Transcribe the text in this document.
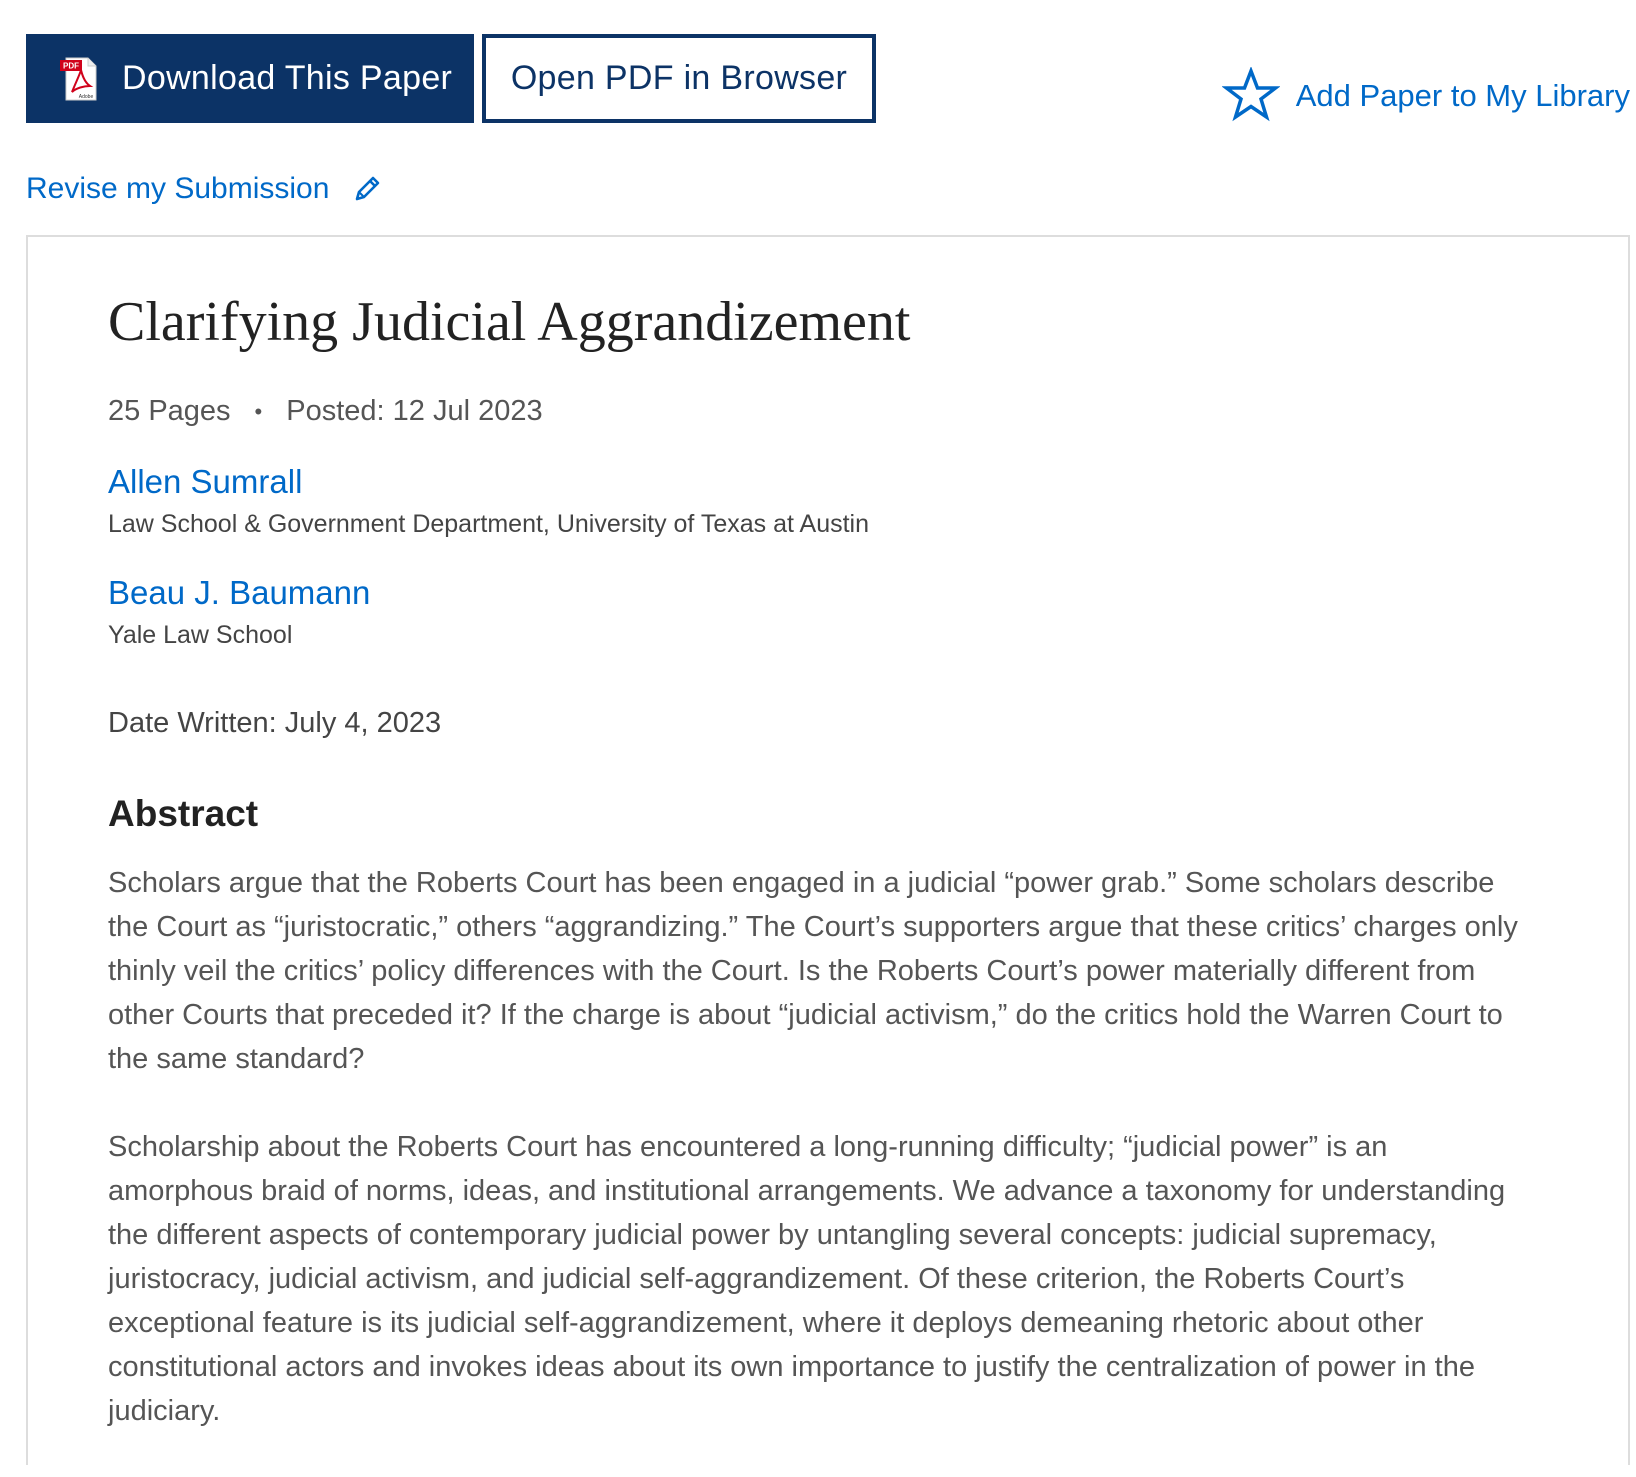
PDF
Adobe Download This Paper Open PDF in Browser	Add Paper to My Library
Revise my Submission
Clarifying Judicial Aggrandizement
25 Pages • Posted: 12 Jul 2023
Allen Sumrall
Law School & Government Department, University of Texas at Austin
Beau J. Baumann
Yale Law School
Date Written: July 4, 2023
Abstract

Scholars argue that the Roberts Court has been engaged in a judicial “power grab.” Some scholars describe the Court as “juristocratic,” others “aggrandizing.” The Court’s supporters argue that these critics’ charges only thinly veil the critics’ policy differences with the Court. Is the Roberts Court’s power materially different from other Courts that preceded it? If the charge is about “judicial activism,” do the critics hold the Warren Court to the same standard?

Scholarship about the Roberts Court has encountered a long-running difficulty; “judicial power” is an amorphous braid of norms, ideas, and institutional arrangements. We advance a taxonomy for understanding the different aspects of contemporary judicial power by untangling several concepts: judicial supremacy, juristocracy, judicial activism, and judicial self-aggrandizement. Of these criterion, the Roberts Court’s exceptional feature is its judicial self-aggrandizement, where it deploys demeaning rhetoric about other constitutional actors and invokes ideas about its own importance to justify the centralization of power in the judiciary.
